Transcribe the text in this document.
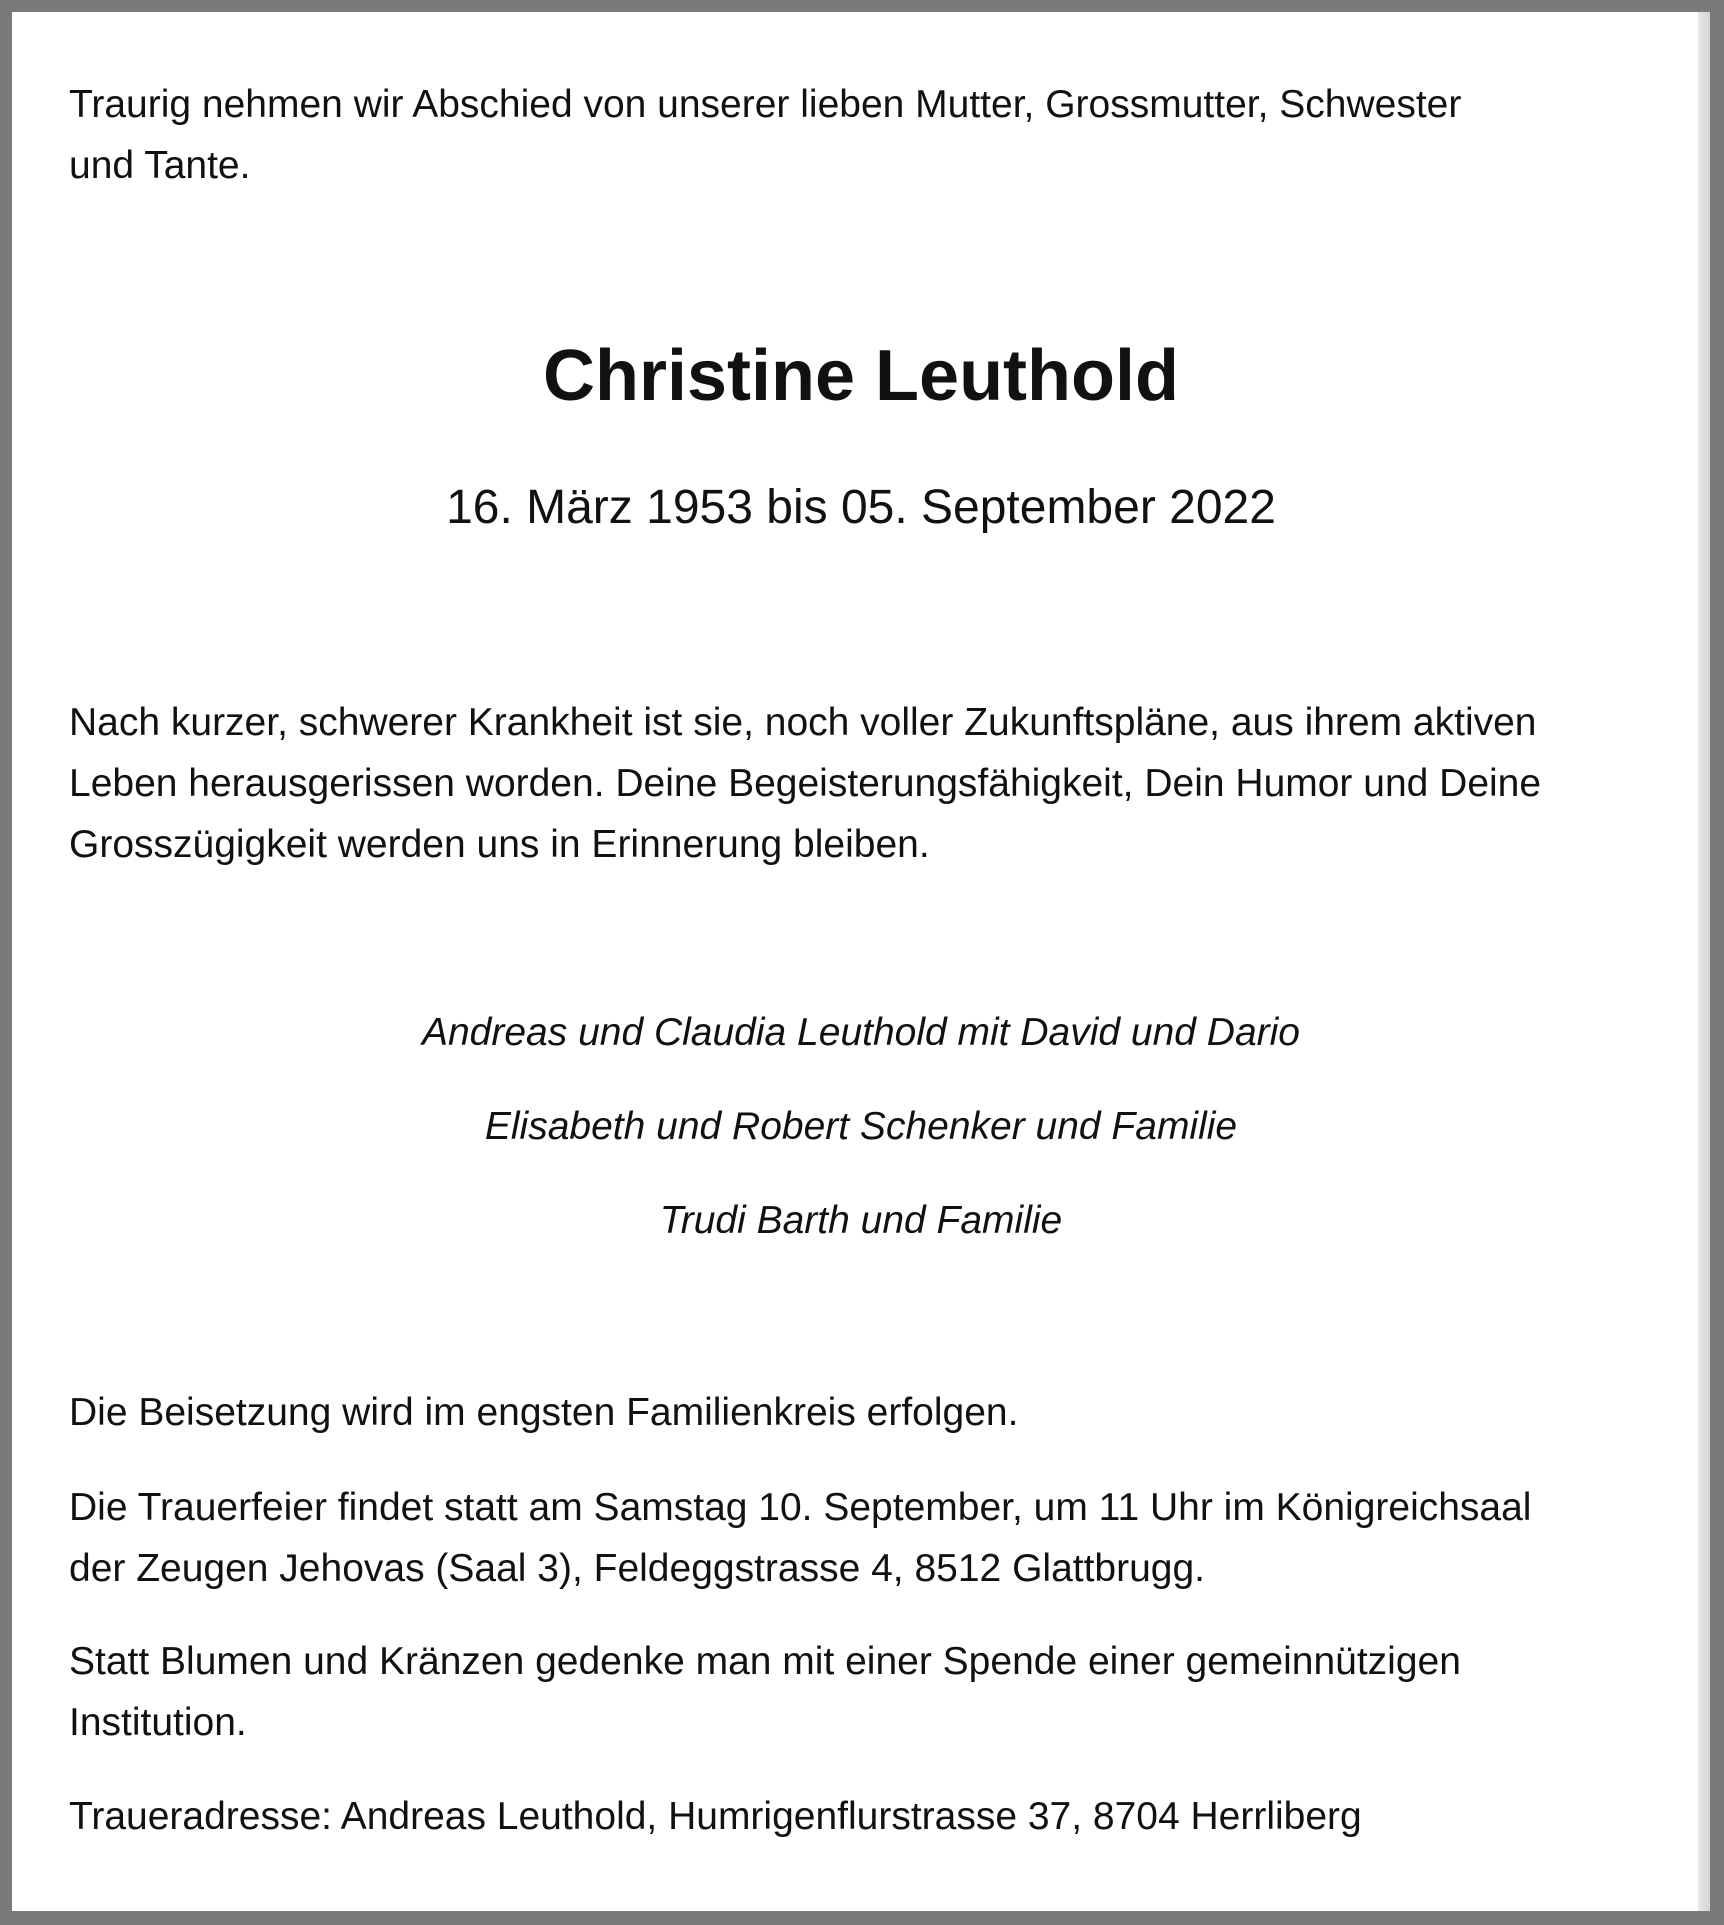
Traurig nehmen wir Abschied von unserer lieben Mutter, Grossmutter, Schwester

und Tante.

Christine Leuthold

16. März 1953 bis 05. September 2022

Nach kurzer, schwerer Krankheit ist sie, noch voller Zukunftspläne, aus ihrem aktiven

Leben herausgerissen worden. Deine Begeisterungsfähigkeit, Dein Humor und Deine

Grosszügigkeit werden uns in Erinnerung bleiben.

Andreas und Claudia Leuthold mit David und Dario

Elisabeth und Robert Schenker und Familie

Trudi Barth und Familie

Die Beisetzung wird im engsten Familienkreis erfolgen.

Die Trauerfeier findet statt am Samstag 10. September, um 11 Uhr im Königreichsaal

der Zeugen Jehovas (Saal 3), Feldeggstrasse 4, 8512 Glattbrugg.

Statt Blumen und Kränzen gedenke man mit einer Spende einer gemeinnützigen

Institution.

Traueradresse: Andreas Leuthold, Humrigenflurstrasse 37, 8704 Herrliberg
